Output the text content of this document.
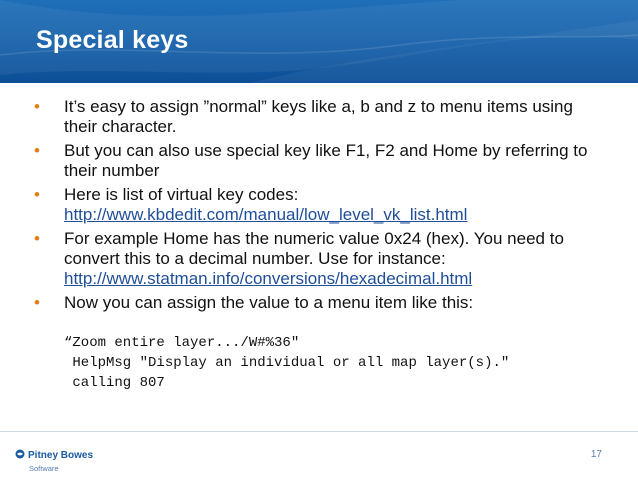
Special keys
• It’s easy to assign ”normal” keys like a, b and z to menu items using their character.
• But you can also use special key like F1, F2 and Home by referring to their number
• Here is list of virtual key codes:
http://www.kbdedit.com/manual/low_level_vk_list.html
• For example Home has the numeric value 0x24 (hex). You need to convert this to a decimal number. Use for instance:
http://www.statman.info/conversions/hexadecimal.html
• Now you can assign the value to a menu item like this:
“Zoom entire layer.../W#%36"
HelpMsg "Display an individual or all map layer(s)."
calling 807
Pitney Bowes
Software
17
